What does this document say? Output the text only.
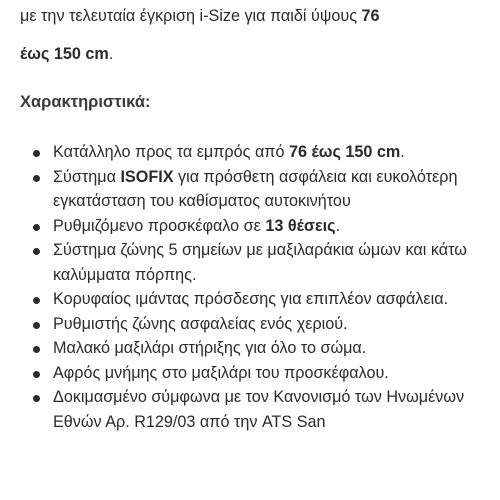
με την τελευταία έγκριση i-Size για παιδί ύψους 76
έως 150 cm.
Χαρακτηριστικά:
Κατάλληλο προς τα εμπρός από 76 έως 150 cm.
Σύστημα ISOFIX για πρόσθετη ασφάλεια και ευκολότερη εγκατάσταση του καθίσματος αυτοκινήτου
Ρυθμιζόμενο προσκέφαλο σε 13 θέσεις.
Σύστημα ζώνης 5 σημείων με μαξιλαράκια ώμων και κάτω καλύμματα πόρπης.
Κορυφαίος ιμάντας πρόσδεσης για επιπλέον ασφάλεια.
Ρυθμιστής ζώνης ασφαλείας ενός χεριού.
Μαλακό μαξιλάρι στήριξης για όλο το σώμα.
Αφρός μνήμης στο μαξιλάρι του προσκέφαλου.
Δοκιμασμένο σύμφωνα με τον Κανονισμό των Ηνωμένων Εθνών Αρ. R129/03 από την ATS San
